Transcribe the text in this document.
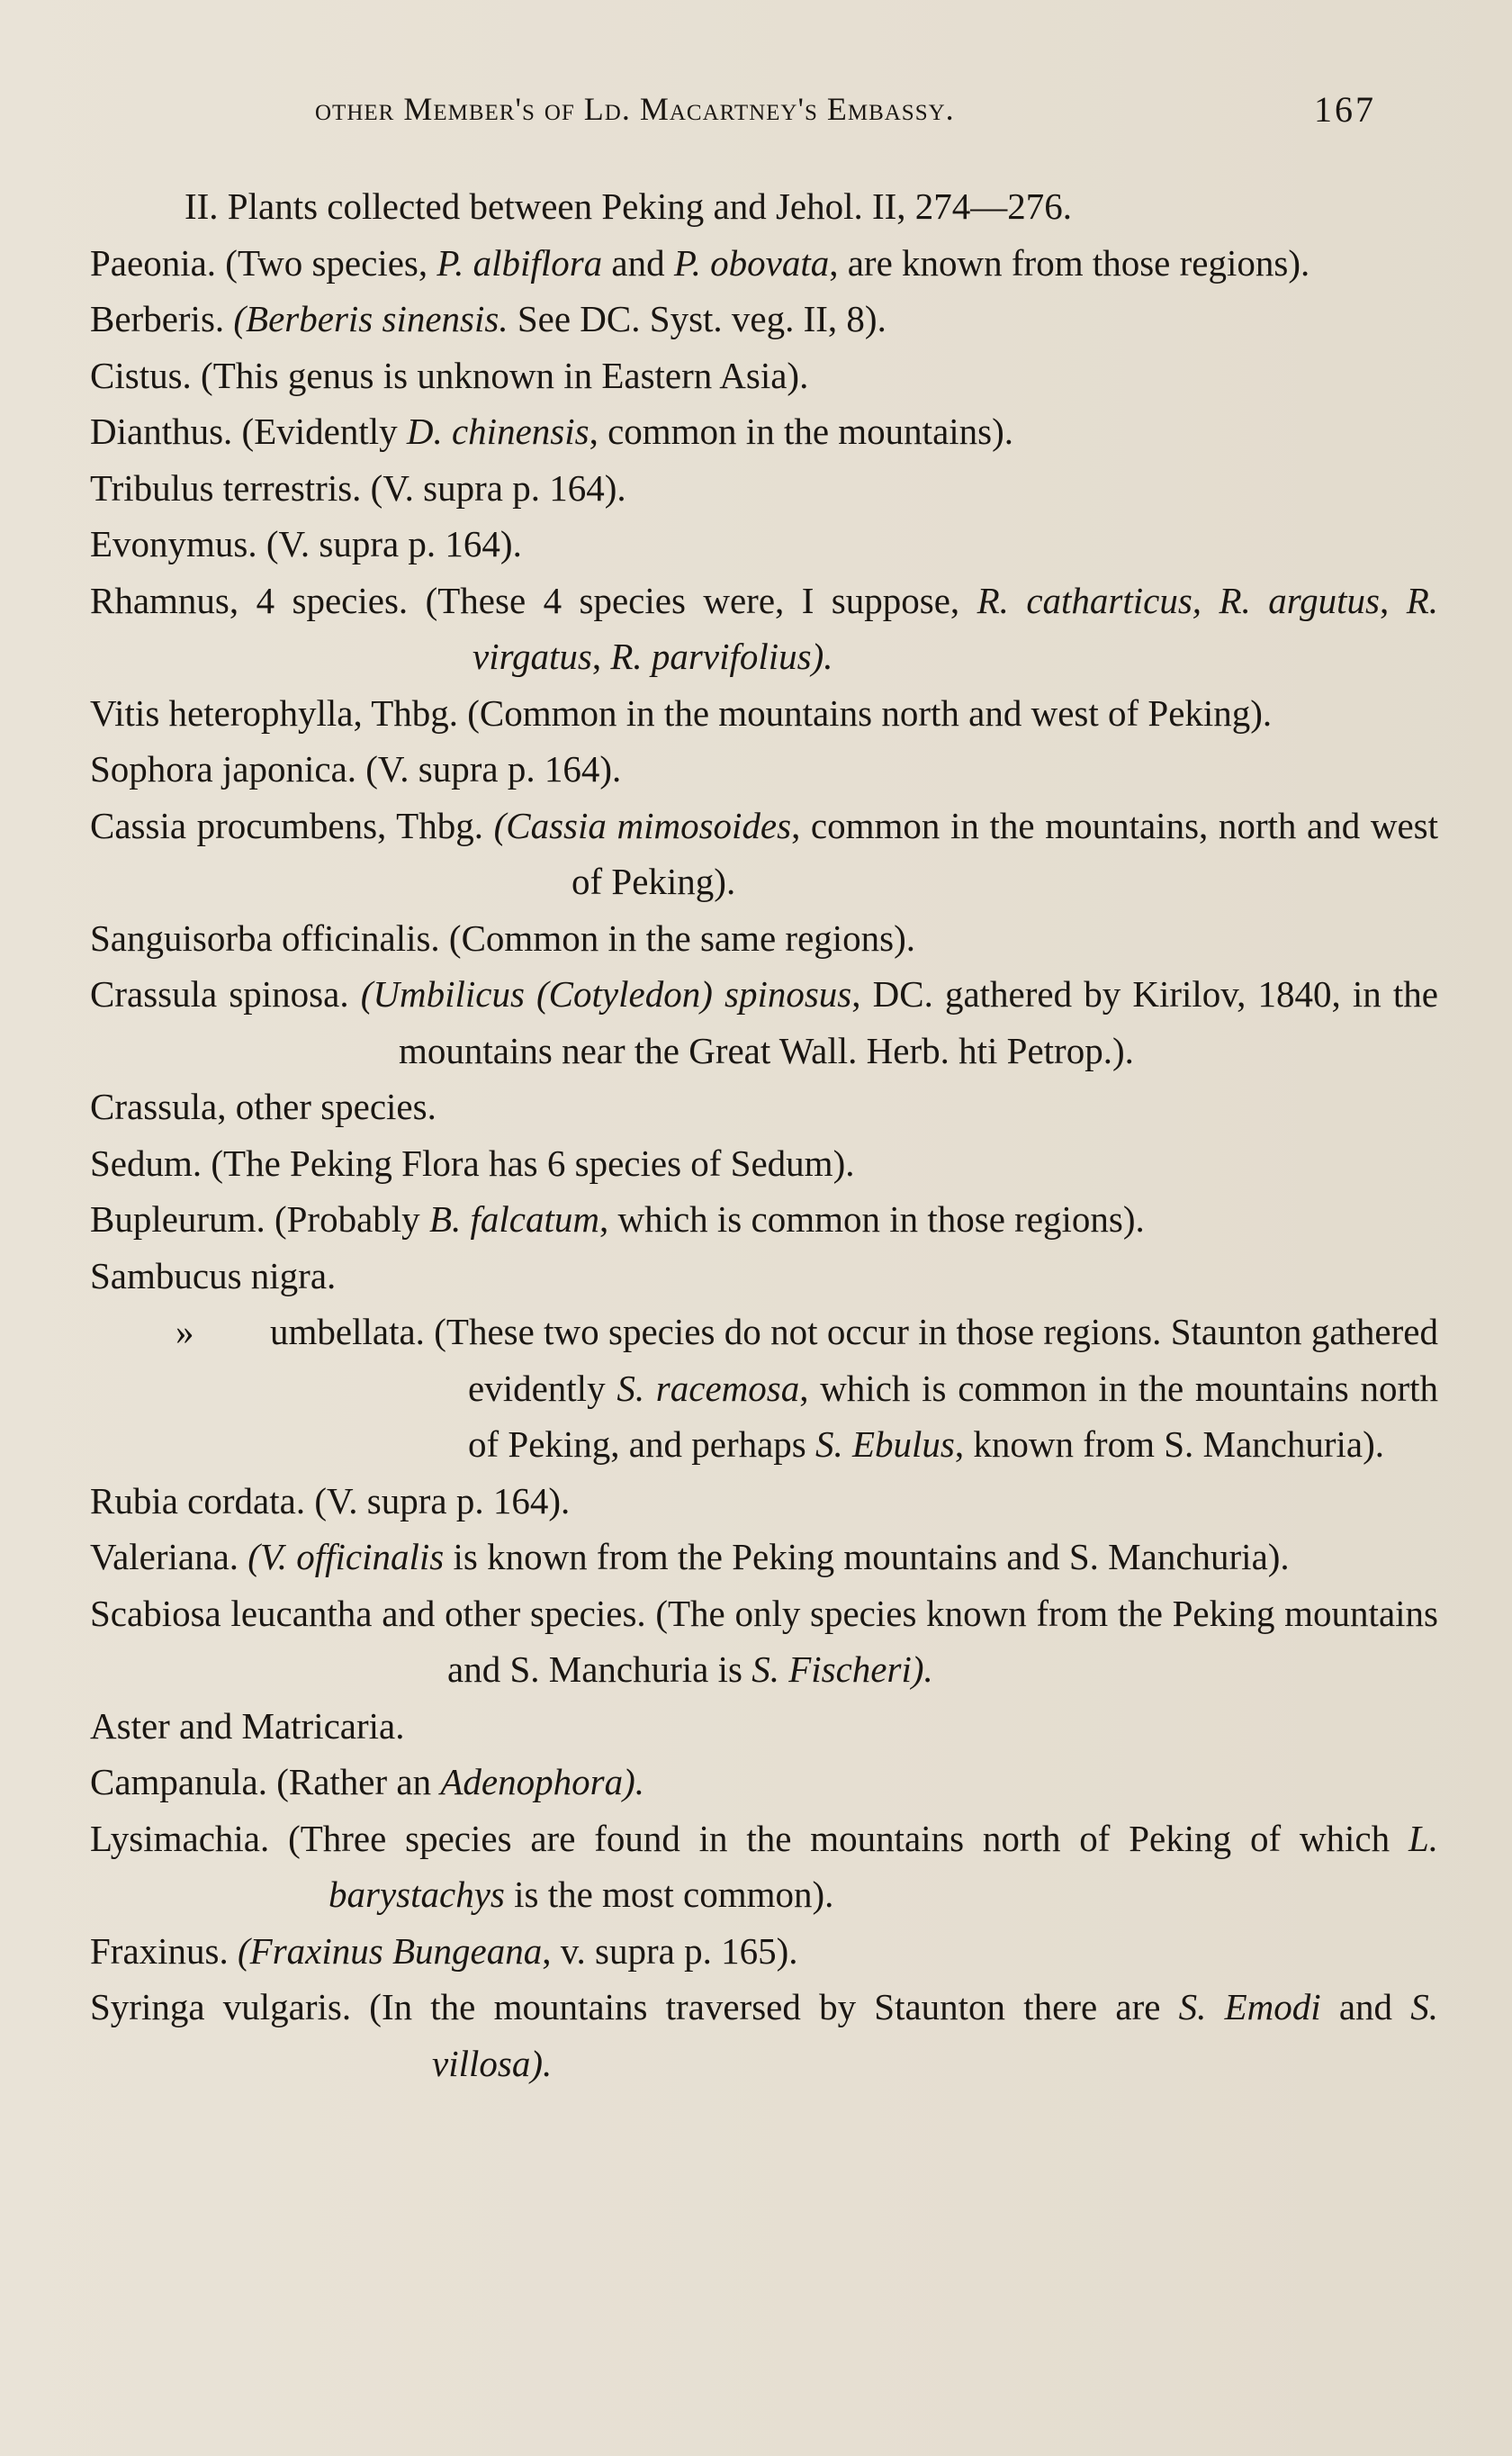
other Member's of Ld. Macartney's Embassy.	167
II. Plants collected between Peking and Jehol. II, 274—276.
Paeonia. (Two species, P. albiflora and P. obovata, are known from those regions).
Berberis. (Berberis sinensis. See DC. Syst. veg. II, 8).
Cistus. (This genus is unknown in Eastern Asia).
Dianthus. (Evidently D. chinensis, common in the mountains).
Tribulus terrestris. (V. supra p. 164).
Evonymus. (V. supra p. 164).
Rhamnus, 4 species. (These 4 species were, I suppose, R. catharticus, R. argutus, R. virgatus, R. parvifolius).
Vitis heterophylla, Thbg. (Common in the mountains north and west of Peking).
Sophora japonica. (V. supra p. 164).
Cassia procumbens, Thbg. (Cassia mimosoides, common in the mountains, north and west of Peking).
Sanguisorba officinalis. (Common in the same regions).
Crassula spinosa. (Umbilicus (Cotyledon) spinosus, DC. gathered by Kirilov, 1840, in the mountains near the Great Wall. Herb. hti Petrop.).
Crassula, other species.
Sedum. (The Peking Flora has 6 species of Sedum).
Bupleurum. (Probably B. falcatum, which is common in those regions).
Sambucus nigra.
» umbellata. (These two species do not occur in those regions. Staunton gathered evidently S. racemosa, which is common in the mountains north of Peking, and perhaps S. Ebulus, known from S. Manchuria).
Rubia cordata. (V. supra p. 164).
Valeriana. (V. officinalis is known from the Peking mountains and S. Manchuria).
Scabiosa leucantha and other species. (The only species known from the Peking mountains and S. Manchuria is S. Fischeri).
Aster and Matricaria.
Campanula. (Rather an Adenophora).
Lysimachia. (Three species are found in the mountains north of Peking of which L. barystachys is the most common).
Fraxinus. (Fraxinus Bungeana, v. supra p. 165).
Syringa vulgaris. (In the mountains traversed by Staunton there are S. Emodi and S. villosa).
